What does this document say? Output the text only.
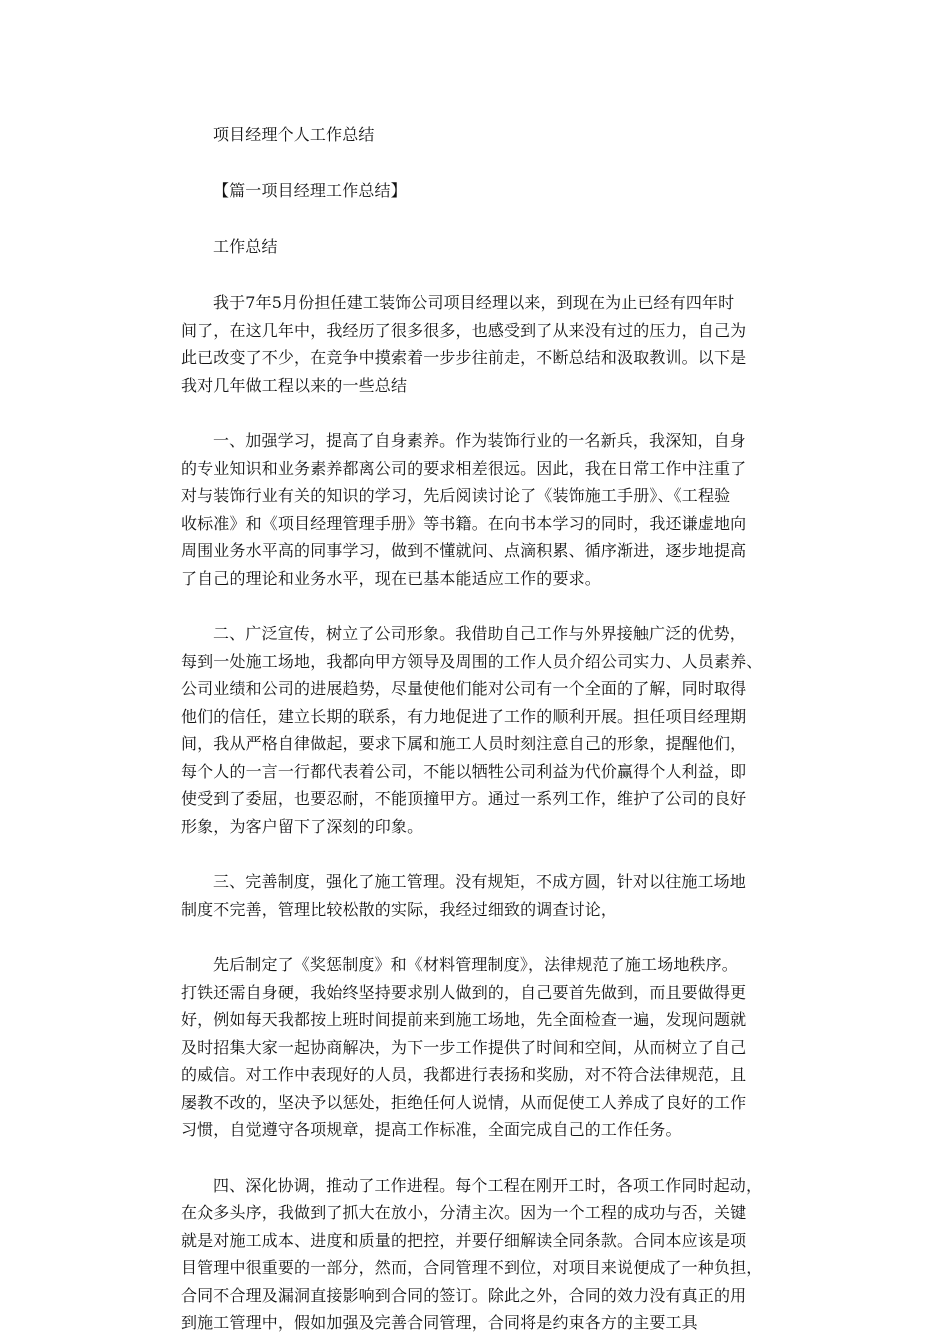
项目经理个人工作总结
【篇一项目经理工作总结】
工作总结
我于7年5月份担任建工装饰公司项目经理以来，到现在为止已经有四年时
间了，在这几年中，我经历了很多很多，也感受到了从来没有过的压力，自己为
此已改变了不少，在竞争中摸索着一步步往前走，不断总结和汲取教训。以下是
我对几年做工程以来的一些总结
一、加强学习，提高了自身素养。作为装饰行业的一名新兵，我深知，自身
的专业知识和业务素养都离公司的要求相差很远。因此，我在日常工作中注重了
对与装饰行业有关的知识的学习，先后阅读讨论了《装饰施工手册》、《工程验
收标准》和《项目经理管理手册》等书籍。在向书本学习的同时，我还谦虚地向
周围业务水平高的同事学习，做到不懂就问、点滴积累、循序渐进，逐步地提高
了自己的理论和业务水平，现在已基本能适应工作的要求。
二、广泛宣传，树立了公司形象。我借助自己工作与外界接触广泛的优势，
每到一处施工场地，我都向甲方领导及周围的工作人员介绍公司实力、人员素养、
公司业绩和公司的进展趋势，尽量使他们能对公司有一个全面的了解，同时取得
他们的信任，建立长期的联系，有力地促进了工作的顺利开展。担任项目经理期
间，我从严格自律做起，要求下属和施工人员时刻注意自己的形象，提醒他们，
每个人的一言一行都代表着公司，不能以牺牲公司利益为代价赢得个人利益，即
使受到了委屈，也要忍耐，不能顶撞甲方。通过一系列工作，维护了公司的良好
形象，为客户留下了深刻的印象。
三、完善制度，强化了施工管理。没有规矩，不成方圆，针对以往施工场地
制度不完善，管理比较松散的实际，我经过细致的调查讨论，
先后制定了《奖惩制度》和《材料管理制度》，法律规范了施工场地秩序。
打铁还需自身硬，我始终坚持要求别人做到的，自己要首先做到，而且要做得更
好，例如每天我都按上班时间提前来到施工场地，先全面检查一遍，发现问题就
及时招集大家一起协商解决，为下一步工作提供了时间和空间，从而树立了自己
的威信。对工作中表现好的人员，我都进行表扬和奖励，对不符合法律规范，且
屡教不改的，坚决予以惩处，拒绝任何人说情，从而促使工人养成了良好的工作
习惯，自觉遵守各项规章，提高工作标准，全面完成自己的工作任务。
四、深化协调，推动了工作进程。每个工程在刚开工时，各项工作同时起动，
在众多头序，我做到了抓大在放小，分清主次。因为一个工程的成功与否，关键
就是对施工成本、进度和质量的把控，并要仔细解读全同条款。合同本应该是项
目管理中很重要的一部分，然而，合同管理不到位，对项目来说便成了一种负担，
合同不合理及漏洞直接影响到合同的签订。除此之外，合同的效力没有真正的用
到施工管理中，假如加强及完善合同管理，合同将是约束各方的主要工具
